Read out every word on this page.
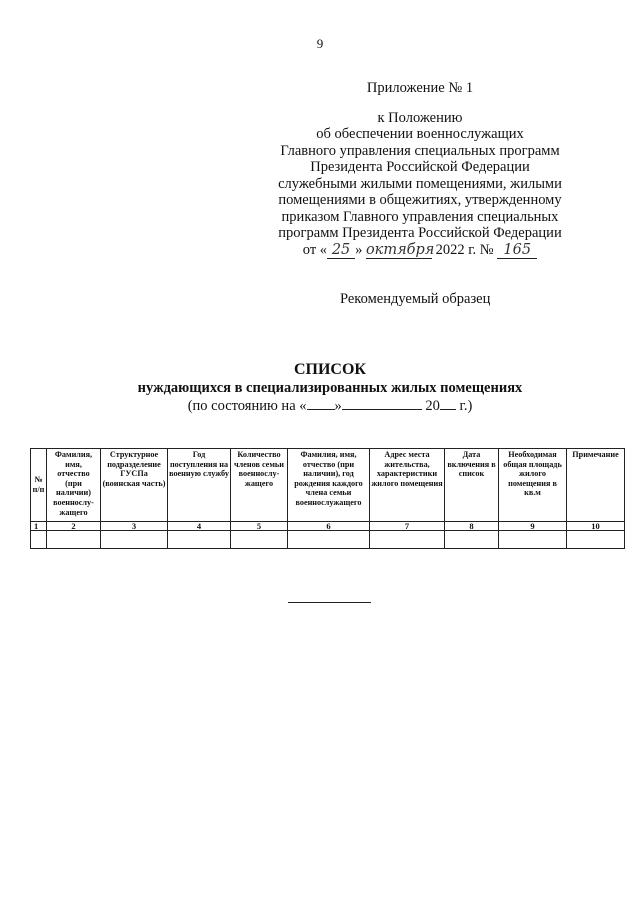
9
Приложение № 1
к Положению
об обеспечении военнослужащих
Главного управления специальных программ
Президента Российской Федерации
служебными жилыми помещениями, жилыми
помещениями в общежитиях, утвержденному
приказом Главного управления специальных
программ Президента Российской Федерации
от « 25 » октября 2022 г. № 165
Рекомендуемый образец
СПИСОК
нуждающихся в специализированных жилых помещениях
(по состоянию на « »	20 г.)
№ п/п	Фамилия, имя, отчество (при наличии) военнослу-жащего	Структурное подразделение ГУСПа (воинская часть)	Год поступления на военную службу	Количество членов семьи военнослу-жащего	Фамилия, имя, отчество (при наличии), год рождения каждого члена семьи военнослужащего	Адрес места жительства, характеристики жилого помещения	Дата включения в список	Необходимая общая площадь жилого помещения в кв.м	Примечание
1	2	3	4	5	6	7	8	9	10
